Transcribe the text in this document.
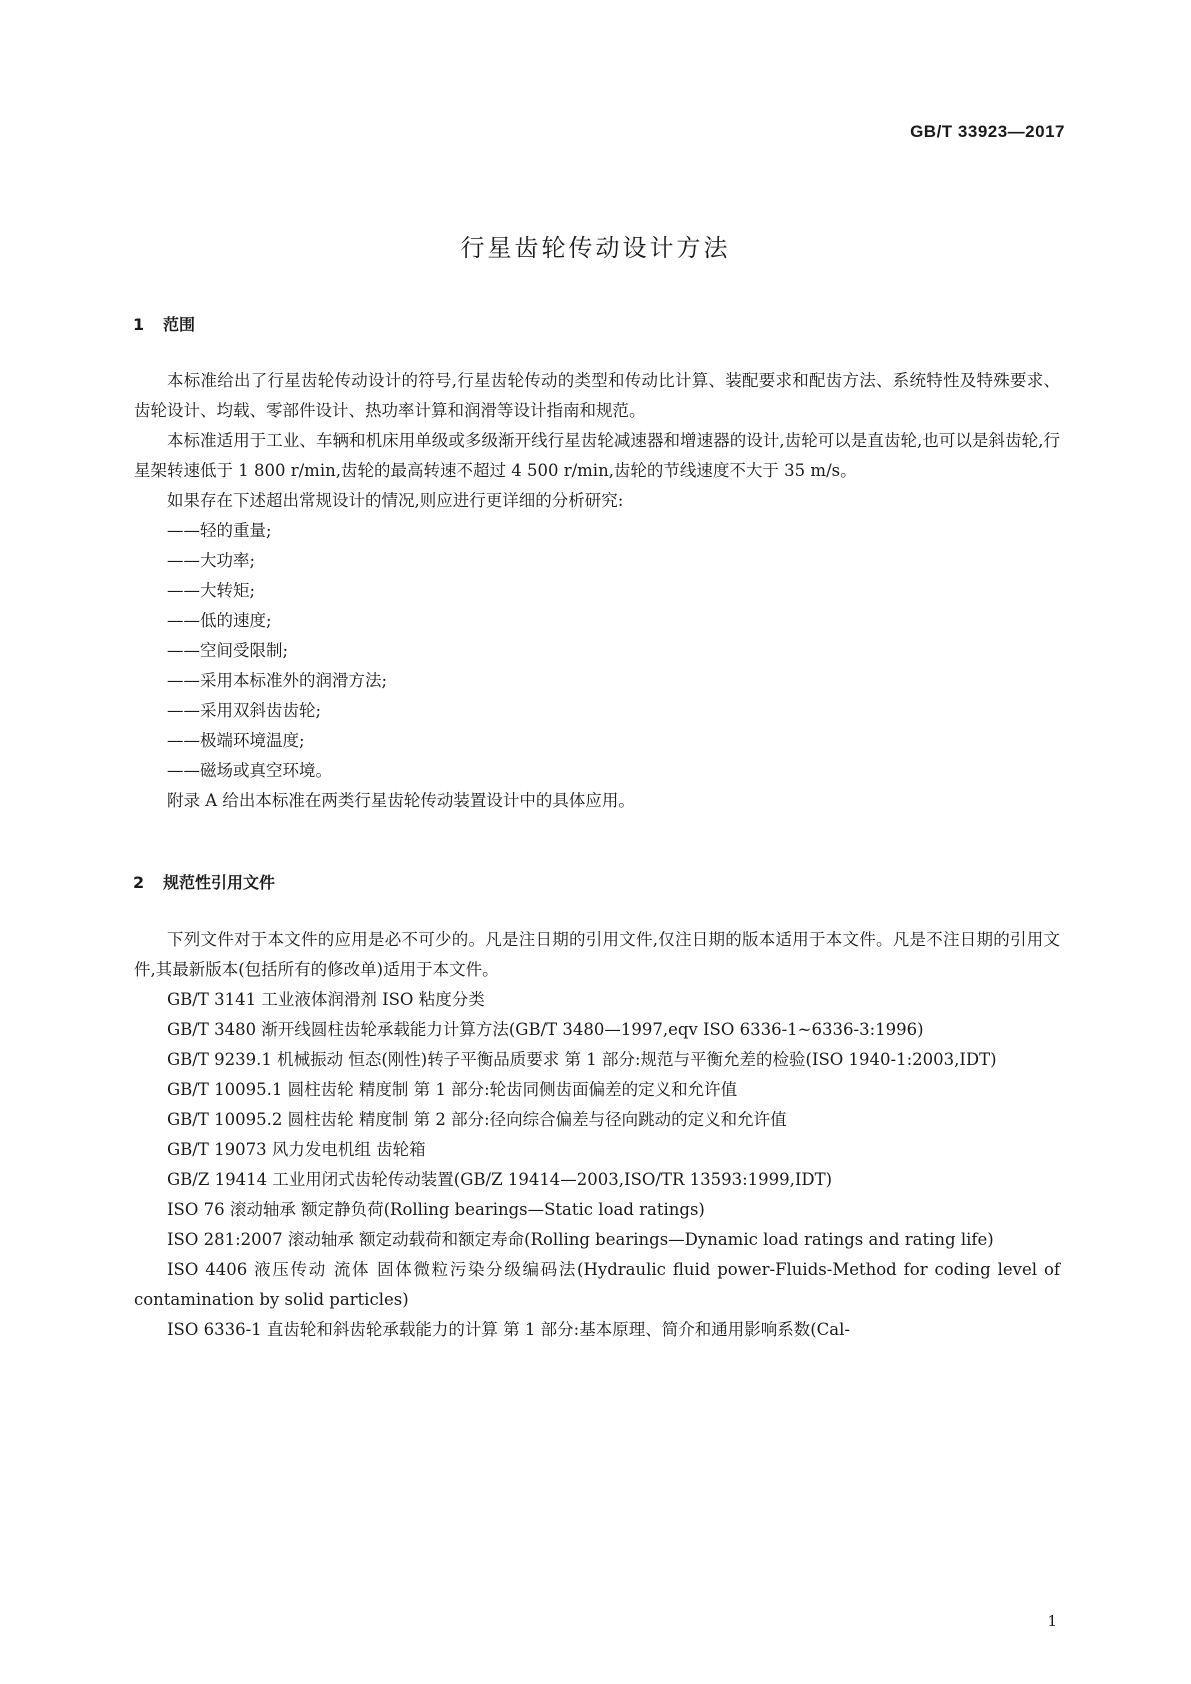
GB/T 33923—2017
行星齿轮传动设计方法
1 范围

本标准给出了行星齿轮传动设计的符号,行星齿轮传动的类型和传动比计算、装配要求和配齿方法、系统特性及特殊要求、齿轮设计、均载、零部件设计、热功率计算和润滑等设计指南和规范。

本标准适用于工业、车辆和机床用单级或多级渐开线行星齿轮减速器和增速器的设计,齿轮可以是直齿轮,也可以是斜齿轮,行星架转速低于 1 800 r/min,齿轮的最高转速不超过 4 500 r/min,齿轮的节线速度不大于 35 m/s。

如果存在下述超出常规设计的情况,则应进行更详细的分析研究:

——轻的重量;
——大功率;
——大转矩;
——低的速度;
——空间受限制;
——采用本标准外的润滑方法;
——采用双斜齿齿轮;
——极端环境温度;
——磁场或真空环境。

附录 A 给出本标准在两类行星齿轮传动装置设计中的具体应用。

2 规范性引用文件

下列文件对于本文件的应用是必不可少的。凡是注日期的引用文件,仅注日期的版本适用于本文件。凡是不注日期的引用文件,其最新版本(包括所有的修改单)适用于本文件。

GB/T 3141 工业液体润滑剂 ISO 粘度分类

GB/T 3480 渐开线圆柱齿轮承载能力计算方法(GB/T 3480—1997,eqv ISO 6336-1~6336-3:1996)

GB/T 9239.1 机械振动 恒态(刚性)转子平衡品质要求 第 1 部分:规范与平衡允差的检验(ISO 1940-1:2003,IDT)

GB/T 10095.1 圆柱齿轮 精度制 第 1 部分:轮齿同侧齿面偏差的定义和允许值

GB/T 10095.2 圆柱齿轮 精度制 第 2 部分:径向综合偏差与径向跳动的定义和允许值

GB/T 19073 风力发电机组 齿轮箱

GB/Z 19414 工业用闭式齿轮传动装置(GB/Z 19414—2003,ISO/TR 13593:1999,IDT)

ISO 76 滚动轴承 额定静负荷(Rolling bearings—Static load ratings)

ISO 281:2007 滚动轴承 额定动载荷和额定寿命(Rolling bearings—Dynamic load ratings and rating life)

ISO 4406 液压传动 流体 固体微粒污染分级编码法(Hydraulic fluid power-Fluids-Method for coding level of contamination by solid particles)

ISO 6336-1 直齿轮和斜齿轮承载能力的计算 第 1 部分:基本原理、简介和通用影响系数(Cal-

1
